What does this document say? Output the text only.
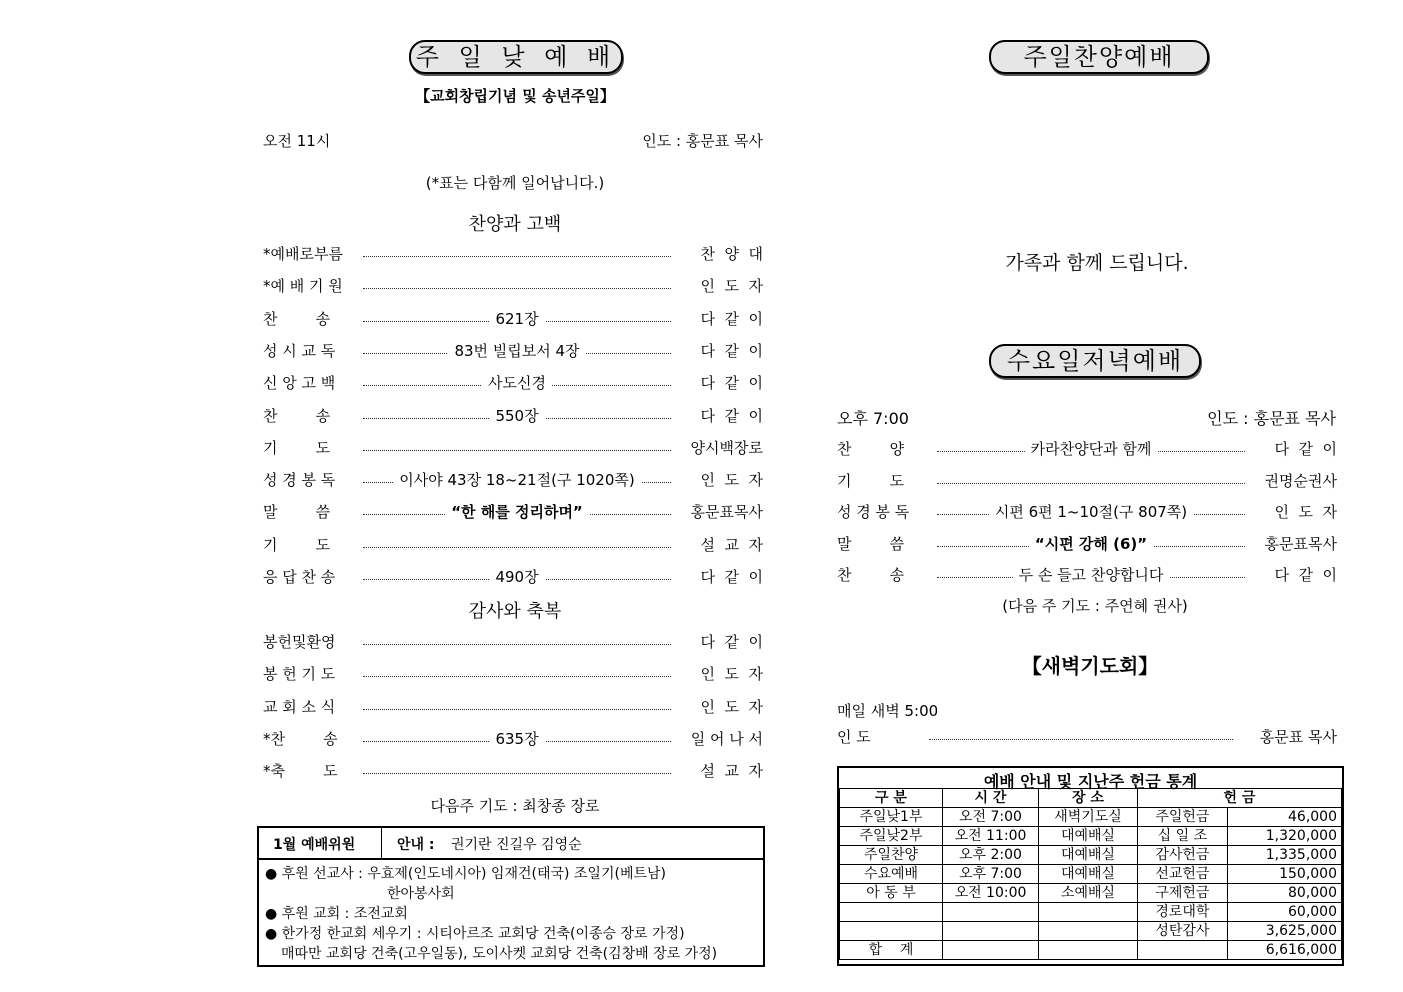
주 일 낮 예 배
【교회창립기념 및 송년주일】
오전 11시	인도 : 홍문표 목사
(*표는 다함께 일어납니다.)
찬양과 고백
*예배로부름	찬  양  대
*예 배 기 원	인  도  자
찬        송	621장	다  같  이
성 시 교 독	83번 빌립보서 4장	다  같  이
신 앙 고 백	사도신경	다  같  이
찬        송	550장	다  같  이
기        도	양시백장로
성 경 봉 독	이사야 43장 18~21절(구 1020쪽)	인  도  자
말        씀	“한 해를 정리하며”	홍문표목사
기        도	설  교  자
응 답 찬 송	490장	다  같  이
감사와 축복
봉헌및환영	다  같  이
봉 헌 기 도	인  도  자
교 회 소 식	인  도  자
*찬        송	635장	일 어 나 서
*축        도	설  교  자
다음주 기도 : 최창종 장로
1월 예배위원	안내 : 권기란 진길우 김영순
● 후원 선교사 : 우효제(인도네시아) 임재건(태국) 조일기(베트남)
한아봉사회
● 후원 교회 : 조전교회
● 한가정 한교회 세우기 : 시티아르조 교회당 건축(이종승 장로 가정)
매따만 교회당 건축(고우일동), 도이사켓 교회당 건축(김창배 장로 가정)
주일찬양예배
가족과 함께 드립니다.
수요일저녁예배
오후 7:00	인도 : 홍문표 목사
찬        양	카라찬양단과 함께	다  같  이
기        도	권명순권사
성 경 봉 독	시편 6편 1~10절(구 807쪽)	인  도  자
말        씀	“시편 강해 (6)”	홍문표목사
찬        송	두 손 들고 찬양합니다	다  같  이
(다음 주 기도 : 주연혜 권사)
【새벽기도회】
매일 새벽 5:00
인 도	홍문표 목사
예배 안내 및 지난주 헌금 통계
구 분	시 간	장 소	헌 금	
주일낮1부	오전 7:00	새벽기도실	주일헌금	46,000
주일낮2부	오전 11:00	대예배실	십 일 조	1,320,000
주일찬양	오후 2:00	대예배실	감사헌금	1,335,000
수요예배	오후 7:00	대예배실	선교헌금	150,000
아 동 부	오전 10:00	소예배실	구제헌금	80,000
			경로대학	60,000
			성탄감사	3,625,000
합    계				6,616,000
